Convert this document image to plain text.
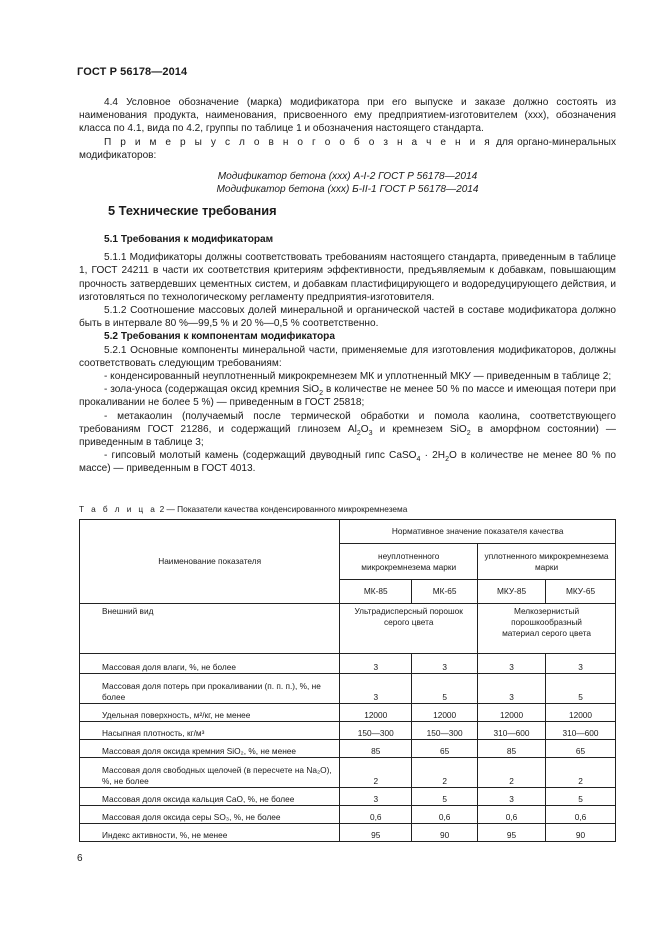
ГОСТ Р 56178—2014

4.4 Условное обозначение (марка) модификатора при его выпуске и заказе должно состоять из наименования продукта, наименования, присвоенного ему предприятием-изготовителем (ххх), обозначения класса по 4.1, вида по 4.2, группы по таблице 1 и обозначения настоящего стандарта.

П р и м е р ы у с л о в н о г о о б о з н а ч е н и я для органо-минеральных модификаторов:

Модификатор бетона (ххх) А-I-2 ГОСТ Р 56178—2014

Модификатор бетона (ххх) Б-II-1 ГОСТ Р 56178—2014

5 Технические требования

5.1 Требования к модификаторам

5.1.1 Модификаторы должны соответствовать требованиям настоящего стандарта, приведенным в таблице 1, ГОСТ 24211 в части их соответствия критериям эффективности, предъявляемым к добавкам, повышающим прочность затвердевших цементных систем, и добавкам пластифицирующего и водоредуцирующего действия, и изготовляться по технологическому регламенту предприятия-изготовителя.

5.1.2 Соотношение массовых долей минеральной и органической частей в составе модификатора должно быть в интервале 80 %—99,5 % и 20 %—0,5 % соответственно.

5.2 Требования к компонентам модификатора

5.2.1 Основные компоненты минеральной части, применяемые для изготовления модификаторов, должны соответствовать следующим требованиям:

- конденсированный неуплотненный микрокремнезем МК и уплотненный МКУ — приведенным в таблице 2;

- зола-уноса (содержащая оксид кремния SiO$_2$ в количестве не менее 50 % по массе и имеющая потери при прокаливании не более 5 %) — приведенным в ГОСТ 25818;

- метакаолин (получаемый после термической обработки и помола каолина, соответствующего требованиям ГОСТ 21286, и содержащий глинозем $Al_2O_3$ и кремнезем SiO$_2$ в аморфном состоянии) — приведенным в таблице 3;

- гипсовый молотый камень (содержащий двуводный гипс CaSO$_4$ · $2H_2O$ в количестве не менее 80 % по массе) — приведенным в ГОСТ 4013.

Т а б л и ц а 2 — Показатели качества конденсированного микрокремнезема
Наименование показателя	Нормативное значение показателя качества			
	неуплотненного микрокремнезема марки		уплотненного микрокремнезема марки	
	МК-85	МК-65	МКУ-85	МКУ-65
Внешний вид	Ультрадисперсный порошок серого цвета		Мелкозернистый порошкообразный материал серого цвета	
Массовая доля влаги, %, не более	3	3	3	3
Массовая доля потерь при прокаливании (п. п. п.), %, не более	3	5	3	5
Удельная поверхность, м²/кг, не менее	12000	12000	12000	12000
Насыпная плотность, кг/м³	150—300	150—300	310—600	310—600
Массовая доля оксида кремния SiO₂, %, не менее	85	65	85	65
Массовая доля свободных щелочей (в пересчете на Na₂O), %, не более	2	2	2	2
Массовая доля оксида кальция CaO, %, не более	3	5	3	5
Массовая доля оксида серы SO₃, %, не более	0,6	0,6	0,6	0,6
Индекс активности, %, не менее	95	90	95	90
6
